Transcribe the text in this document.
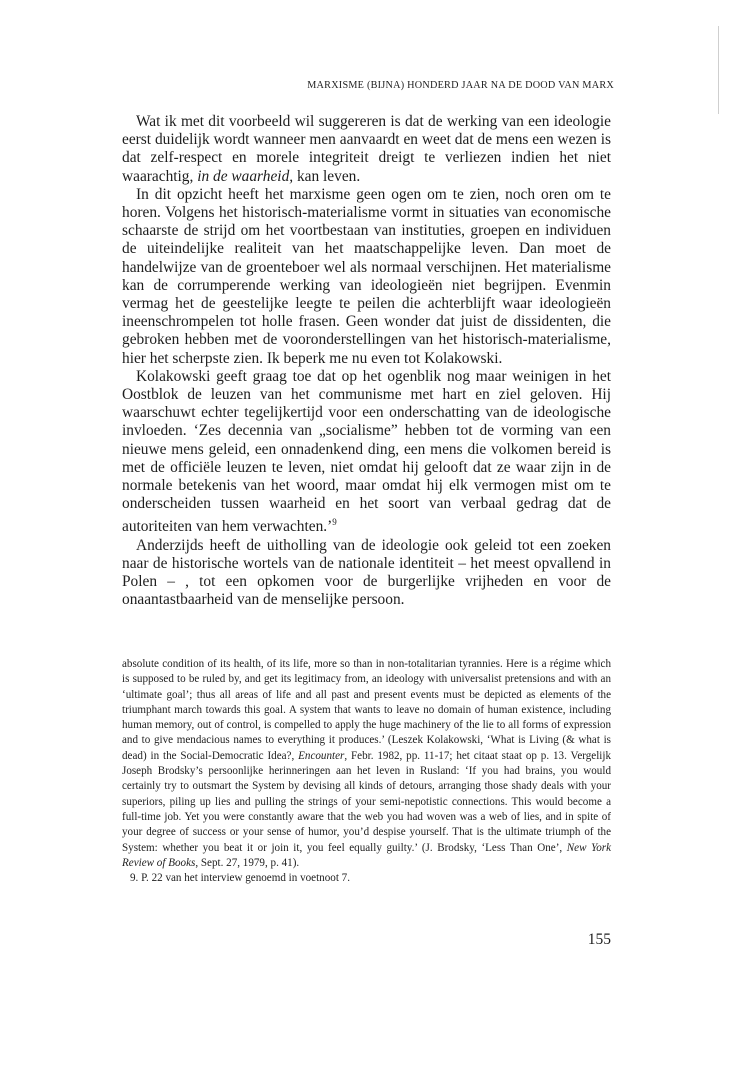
MARXISME (BIJNA) HONDERD JAAR NA DE DOOD VAN MARX

Wat ik met dit voorbeeld wil suggereren is dat de werking van een ideologie eerst duidelijk wordt wanneer men aanvaardt en weet dat de mens een wezen is dat zelf-respect en morele integriteit dreigt te verliezen indien het niet waarachtig, in de waarheid, kan leven.

In dit opzicht heeft het marxisme geen ogen om te zien, noch oren om te horen. Volgens het historisch-materialisme vormt in situaties van economische schaarste de strijd om het voortbestaan van instituties, groepen en individuen de uiteindelijke realiteit van het maatschappelijke leven. Dan moet de handelwijze van de groenteboer wel als normaal verschijnen. Het materialisme kan de corrumperende werking van ideologieën niet begrijpen. Evenmin vermag het de geestelijke leegte te peilen die achterblijft waar ideologieën ineenschrompelen tot holle frasen. Geen wonder dat juist de dissidenten, die gebroken hebben met de vooronderstellingen van het historisch-materialisme, hier het scherpste zien. Ik beperk me nu even tot Kolakowski.

Kolakowski geeft graag toe dat op het ogenblik nog maar weinigen in het Oostblok de leuzen van het communisme met hart en ziel geloven. Hij waarschuwt echter tegelijkertijd voor een onderschatting van de ideologische invloeden. ‘Zes decennia van „socialisme” hebben tot de vorming van een nieuwe mens geleid, een onnadenkend ding, een mens die volkomen bereid is met de officiële leuzen te leven, niet omdat hij gelooft dat ze waar zijn in de normale betekenis van het woord, maar omdat hij elk vermogen mist om te onderscheiden tussen waarheid en het soort van verbaal gedrag dat de autoriteiten van hem verwachten.’$^9$

Anderzijds heeft de uitholling van de ideologie ook geleid tot een zoeken naar de historische wortels van de nationale identiteit – het meest opvallend in Polen – , tot een opkomen voor de burgerlijke vrijheden en voor de onaantastbaarheid van de menselijke persoon.

absolute condition of its health, of its life, more so than in non-totalitarian tyrannies. Here is a régime which is supposed to be ruled by, and get its legitimacy from, an ideology with universalist pretensions and with an ‘ultimate goal’; thus all areas of life and all past and present events must be depicted as elements of the triumphant march towards this goal. A system that wants to leave no domain of human existence, including human memory, out of control, is compelled to apply the huge machinery of the lie to all forms of expression and to give mendacious names to everything it produces.’ (Leszek Kolakowski, ‘What is Living (& what is dead) in the Social-Democratic Idea?, Encounter, Febr. 1982, pp. 11-17; het citaat staat op p. 13. Vergelijk Joseph Brodsky’s persoonlijke herinneringen aan het leven in Rusland: ‘If you had brains, you would certainly try to outsmart the System by devising all kinds of detours, arranging those shady deals with your superiors, piling up lies and pulling the strings of your semi-nepotistic connections. This would become a full-time job. Yet you were constantly aware that the web you had woven was a web of lies, and in spite of your degree of success or your sense of humor, you’d despise yourself. That is the ultimate triumph of the System: whether you beat it or join it, you feel equally guilty.’ (J. Brodsky, ‘Less Than One’, New York Review of Books, Sept. 27, 1979, p. 41).

9. P. 22 van het interview genoemd in voetnoot 7.

155
